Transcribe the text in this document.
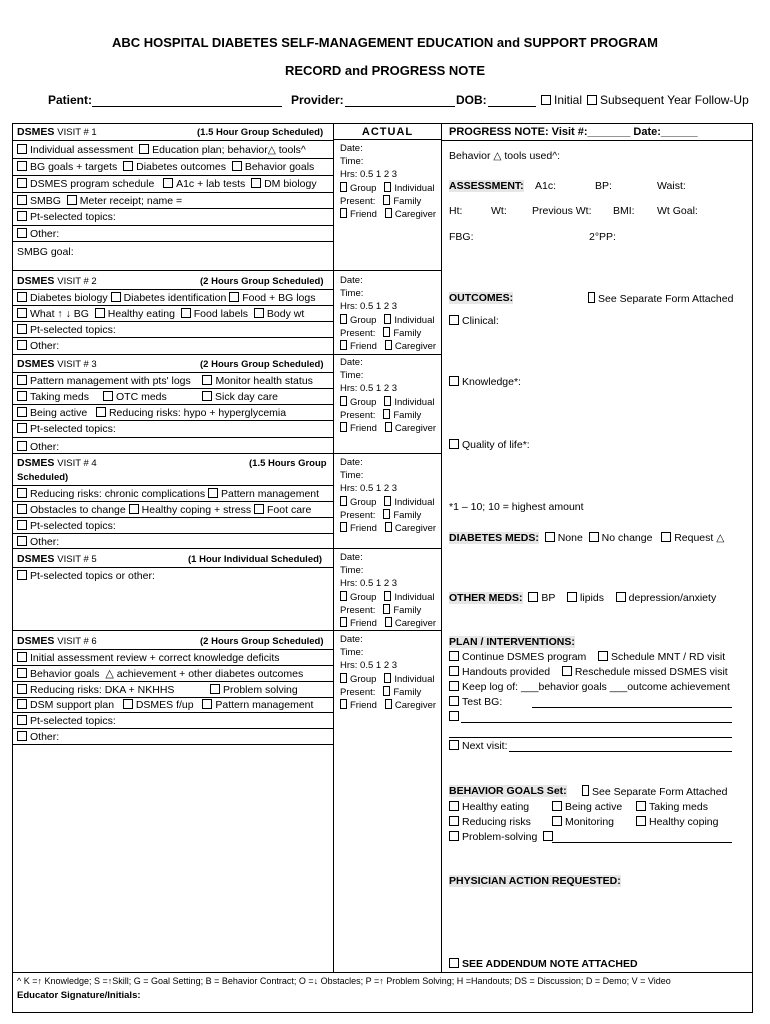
ABC HOSPITAL DIABETES SELF-MANAGEMENT EDUCATION and SUPPORT PROGRAM
RECORD and PROGRESS NOTE
Patient:	Provider:	DOB:	Initial	Subsequent Year Follow-Up
ACTUAL
DSMES VISIT # 1	(1.5 Hour Group Scheduled)
Individual assessment Education plan; behavior△ tools^
BG goals + targets Diabetes outcomes Behavior goals
DSMES program schedule A1c + lab tests DM biology
SMBG Meter receipt; name =
Pt-selected topics:
Other:
SMBG goal:
Date:
Time:
Hrs: 0.5 1 2 3
Group Individual
Present: Family
Friend Caregiver
DSMES VISIT # 2	(2 Hours Group Scheduled)
Diabetes biology Diabetes identification Food + BG logs
What ↑ ↓ BG Healthy eating Food labels Body wt
Pt-selected topics:
Other:
Date:
Time:
Hrs: 0.5 1 2 3
Group Individual
Present: Family
Friend Caregiver
DSMES VISIT # 3	(2 Hours Group Scheduled)
Pattern management with pts' logs Monitor health status
Taking meds	OTC meds	Sick day care
Being active Reducing risks: hypo + hyperglycemia
Pt-selected topics:
Other:
Date:
Time:
Hrs: 0.5 1 2 3
Group Individual
Present: Family
Friend Caregiver
DSMES VISIT # 4	(1.5 Hours Group
Scheduled)
Reducing risks: chronic complications Pattern management
Obstacles to change Healthy coping + stress Foot care
Pt-selected topics:
Other:
Date:
Time:
Hrs: 0.5 1 2 3
Group Individual
Present: Family
Friend Caregiver
DSMES VISIT # 5	(1 Hour Individual Scheduled)
Pt-selected topics or other:
Date:
Time:
Hrs: 0.5 1 2 3
Group Individual
Present: Family
Friend Caregiver
DSMES VISIT # 6	(2 Hours Group Scheduled)
Initial assessment review + correct knowledge deficits
Behavior goals △ achievement + other diabetes outcomes
Reducing risks: DKA + NKHHS	Problem solving
DSM support plan DSMES f/up Pattern management
Pt-selected topics:
Other:
Date:
Time:
Hrs: 0.5 1 2 3
Group Individual
Present: Family
Friend Caregiver
PROGRESS NOTE: Visit #:_______ Date:______
Behavior △ tools used^:
ASSESSMENT: A1c:	BP:	Waist:
Ht:	Wt: Previous Wt: BMI: Wt Goal:
FBG:	2°PP:
OUTCOMES:	See Separate Form Attached
Clinical:
Knowledge*:
Quality of life*:
*1 – 10; 10 = highest amount
DIABETES MEDS: None No change Request △
OTHER MEDS: BP lipids depression/anxiety
PLAN / INTERVENTIONS:
Continue DSMES program Schedule MNT / RD visit
Handouts provided Reschedule missed DSMES visit
Keep log of: ___behavior goals ___outcome achievement
Test BG:
Next visit:
BEHAVIOR GOALS Set:	See Separate Form Attached
Healthy eating	Being active	Taking meds
Reducing risks	Monitoring	Healthy coping
Problem-solving
PHYSICIAN ACTION REQUESTED:
SEE ADDENDUM NOTE ATTACHED
^ K =↑ Knowledge; S =↑Skill; G = Goal Setting; B = Behavior Contract; O =↓ Obstacles; P =↑ Problem Solving; H =Handouts; DS = Discussion; D = Demo; V = Video
Educator Signature/Initials:
